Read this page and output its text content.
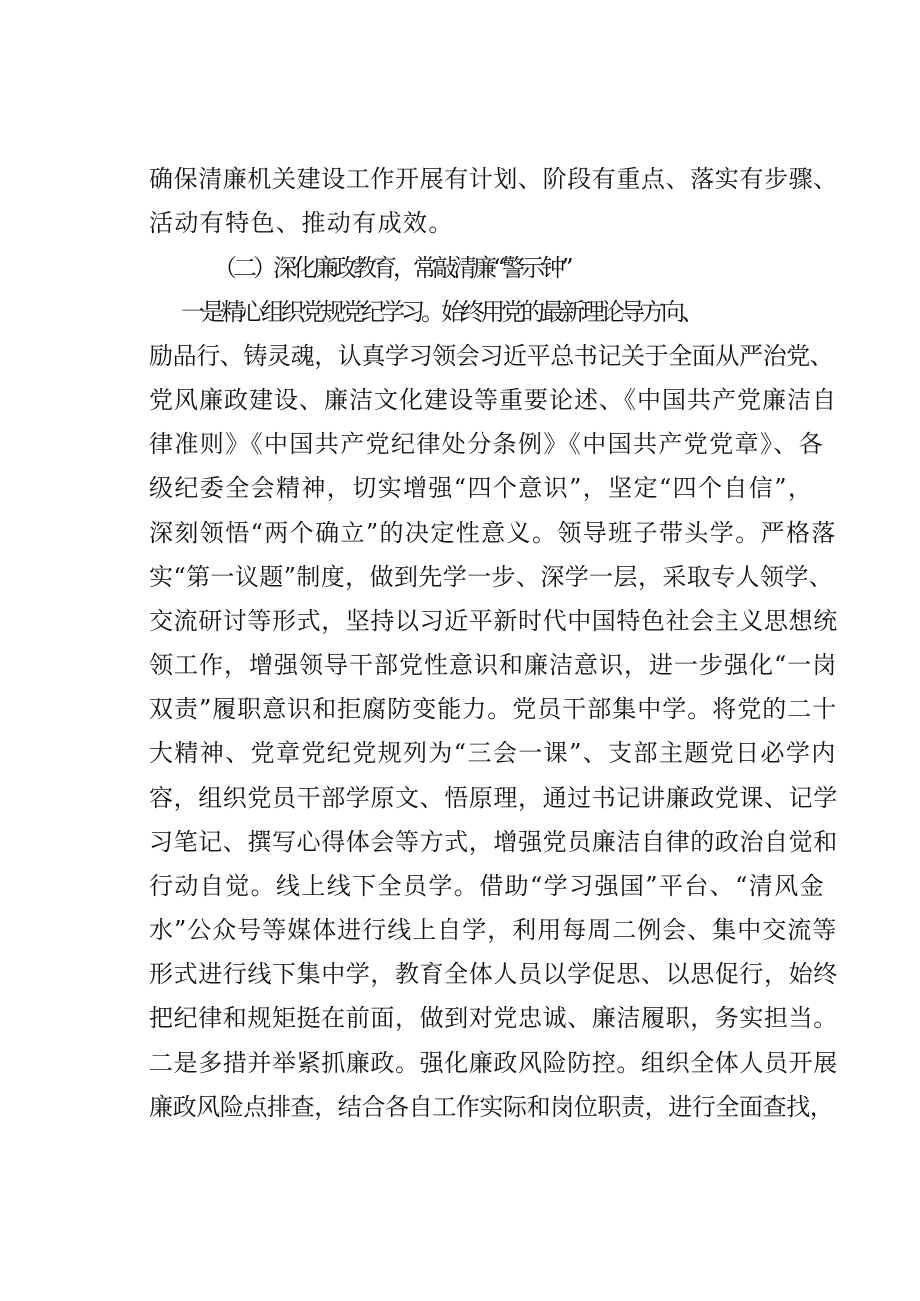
确保清廉机关建设工作开展有计划、阶段有重点、落实有步骤、
活动有特色、推动有成效。
（二）深化廉政教育，常敲清廉“警示钟”
一是精心组织党规党纪学习。始终用党的最新理论导方向、
励品行、铸灵魂，认真学习领会习近平总书记关于全面从严治党、
党风廉政建设、廉洁文化建设等重要论述、《中国共产党廉洁自
律准则》《中国共产党纪律处分条例》《中国共产党党章》、各
级纪委全会精神，切实增强“四个意识”，坚定“四个自信”，
深刻领悟“两个确立”的决定性意义。领导班子带头学。严格落
实“第一议题”制度，做到先学一步、深学一层，采取专人领学、
交流研讨等形式，坚持以习近平新时代中国特色社会主义思想统
领工作，增强领导干部党性意识和廉洁意识，进一步强化“一岗
双责”履职意识和拒腐防变能力。党员干部集中学。将党的二十
大精神、党章党纪党规列为“三会一课”、支部主题党日必学内
容，组织党员干部学原文、悟原理，通过书记讲廉政党课、记学
习笔记、撰写心得体会等方式，增强党员廉洁自律的政治自觉和
行动自觉。线上线下全员学。借助“学习强国”平台、“清风金
水”公众号等媒体进行线上自学，利用每周二例会、集中交流等
形式进行线下集中学，教育全体人员以学促思、以思促行，始终
把纪律和规矩挺在前面，做到对党忠诚、廉洁履职，务实担当。
二是多措并举紧抓廉政。强化廉政风险防控。组织全体人员开展
廉政风险点排查，结合各自工作实际和岗位职责，进行全面查找，
